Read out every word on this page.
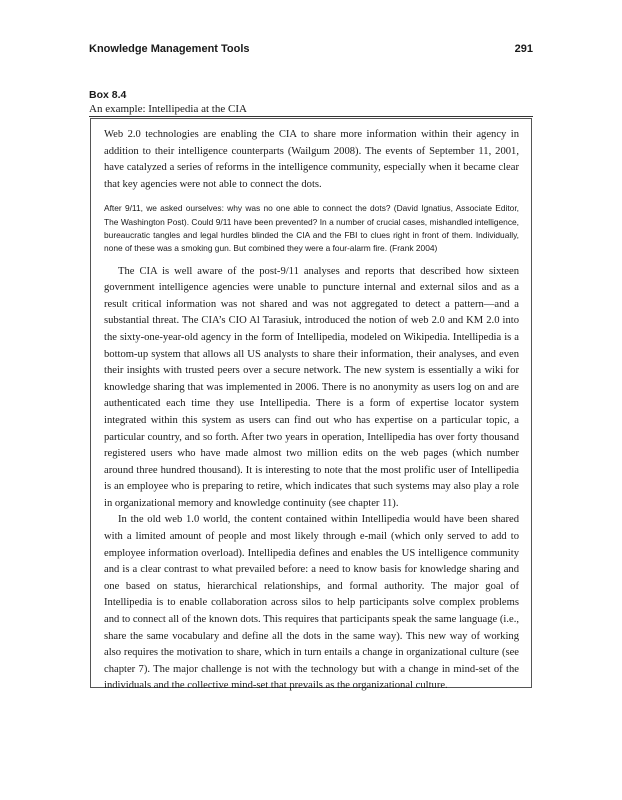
Knowledge Management Tools	291
Box 8.4
An example: Intellipedia at the CIA

Web 2.0 technologies are enabling the CIA to share more information within their agency in addition to their intelligence counterparts (Wailgum 2008). The events of September 11, 2001, have catalyzed a series of reforms in the intelligence community, especially when it became clear that key agencies were not able to connect the dots.

After 9/11, we asked ourselves: why was no one able to connect the dots? (David Ignatius, Associate Editor, The Washington Post). Could 9/11 have been prevented? In a number of crucial cases, mishandled intelligence, bureaucratic tangles and legal hurdles blinded the CIA and the FBI to clues right in front of them. Individually, none of these was a smoking gun. But combined they were a four-alarm fire. (Frank 2004)

The CIA is well aware of the post-9/11 analyses and reports that described how sixteen government intelligence agencies were unable to puncture internal and external silos and as a result critical information was not shared and was not aggregated to detect a pattern—and a substantial threat. The CIA’s CIO Al Tarasiuk, introduced the notion of web 2.0 and KM 2.0 into the sixty-one-year-old agency in the form of Intellipedia, modeled on Wikipedia. Intellipedia is a bottom-up system that allows all US analysts to share their information, their analyses, and even their insights with trusted peers over a secure network. The new system is essentially a wiki for knowledge sharing that was implemented in 2006. There is no anonymity as users log on and are authenticated each time they use Intellipedia. There is a form of expertise locator system integrated within this system as users can find out who has expertise on a particular topic, a particular country, and so forth. After two years in operation, Intellipedia has over forty thousand registered users who have made almost two million edits on the web pages (which number around three hundred thousand). It is interesting to note that the most prolific user of Intellipedia is an employee who is preparing to retire, which indicates that such systems may also play a role in organizational memory and knowledge continuity (see chapter 11).

In the old web 1.0 world, the content contained within Intellipedia would have been shared with a limited amount of people and most likely through e-mail (which only served to add to employee information overload). Intellipedia defines and enables the US intelligence community and is a clear contrast to what prevailed before: a need to know basis for knowledge sharing and one based on status, hierarchical relationships, and formal authority. The major goal of Intellipedia is to enable collaboration across silos to help participants solve complex problems and to connect all of the known dots. This requires that participants speak the same language (i.e., share the same vocabulary and define all the dots in the same way). This new way of working also requires the motivation to share, which in turn entails a change in organizational culture (see chapter 7). The major challenge is not with the technology but with a change in mind-set of the individuals and the collective mind-set that prevails as the organizational culture.
